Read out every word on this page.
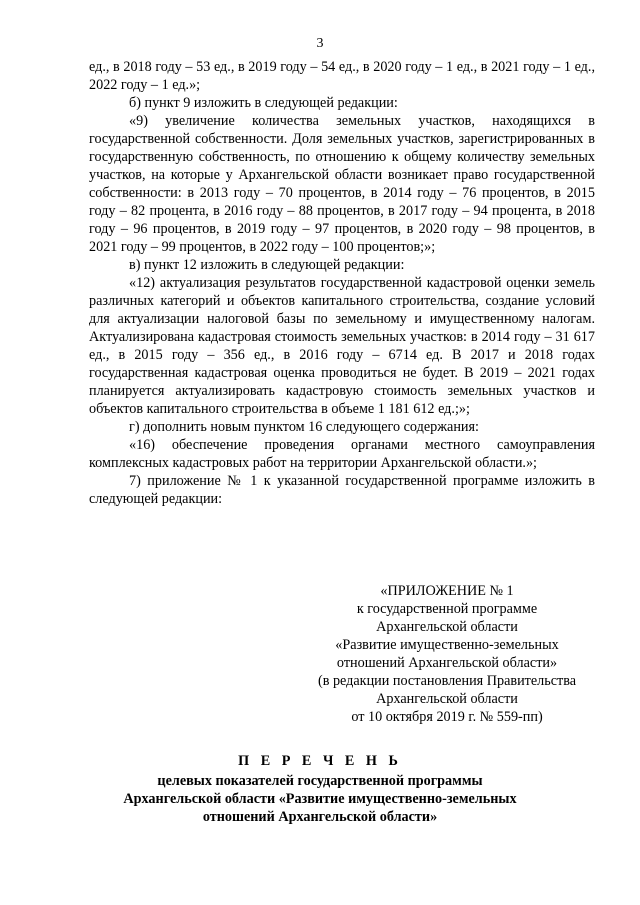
3

ед., в 2018 году – 53 ед., в 2019 году – 54 ед., в 2020 году – 1 ед., в 2021 году – 1 ед., 2022 году – 1 ед.»;

б) пункт 9 изложить в следующей редакции:

«9) увеличение количества земельных участков, находящихся в государственной собственности. Доля земельных участков, зарегистрированных в государственную собственность, по отношению к общему количеству земельных участков, на которые у Архангельской области возникает право государственной собственности: в 2013 году – 70 процентов, в 2014 году – 76 процентов, в 2015 году – 82 процента, в 2016 году – 88 процентов, в 2017 году – 94 процента, в 2018 году – 96 процентов, в 2019 году – 97 процентов, в 2020 году – 98 процентов, в 2021 году – 99 процентов, в 2022 году – 100 процентов;»;

в) пункт 12 изложить в следующей редакции:

«12) актуализация результатов государственной кадастровой оценки земель различных категорий и объектов капитального строительства, создание условий для актуализации налоговой базы по земельному и имущественному налогам. Актуализирована кадастровая стоимость земельных участков: в 2014 году – 31 617 ед., в 2015 году – 356 ед., в 2016 году – 6714 ед. В 2017 и 2018 годах государственная кадастровая оценка проводиться не будет. В 2019 – 2021 годах планируется актуализировать кадастровую стоимость земельных участков и объектов капитального строительства в объеме 1 181 612 ед.;»;

г) дополнить новым пунктом 16 следующего содержания:

«16) обеспечение проведения органами местного самоуправления комплексных кадастровых работ на территории Архангельской области.»;

7) приложение № 1 к указанной государственной программе изложить в следующей редакции:

«ПРИЛОЖЕНИЕ № 1
к государственной программе
Архангельской области
«Развитие имущественно-земельных
отношений Архангельской области»
(в редакции постановления Правительства
Архангельской области
от 10 октября 2019 г. № 559-пп)
П Е Р Е Ч Е Н Ь
целевых показателей государственной программы
Архангельской области «Развитие имущественно-земельных
отношений Архангельской области»
